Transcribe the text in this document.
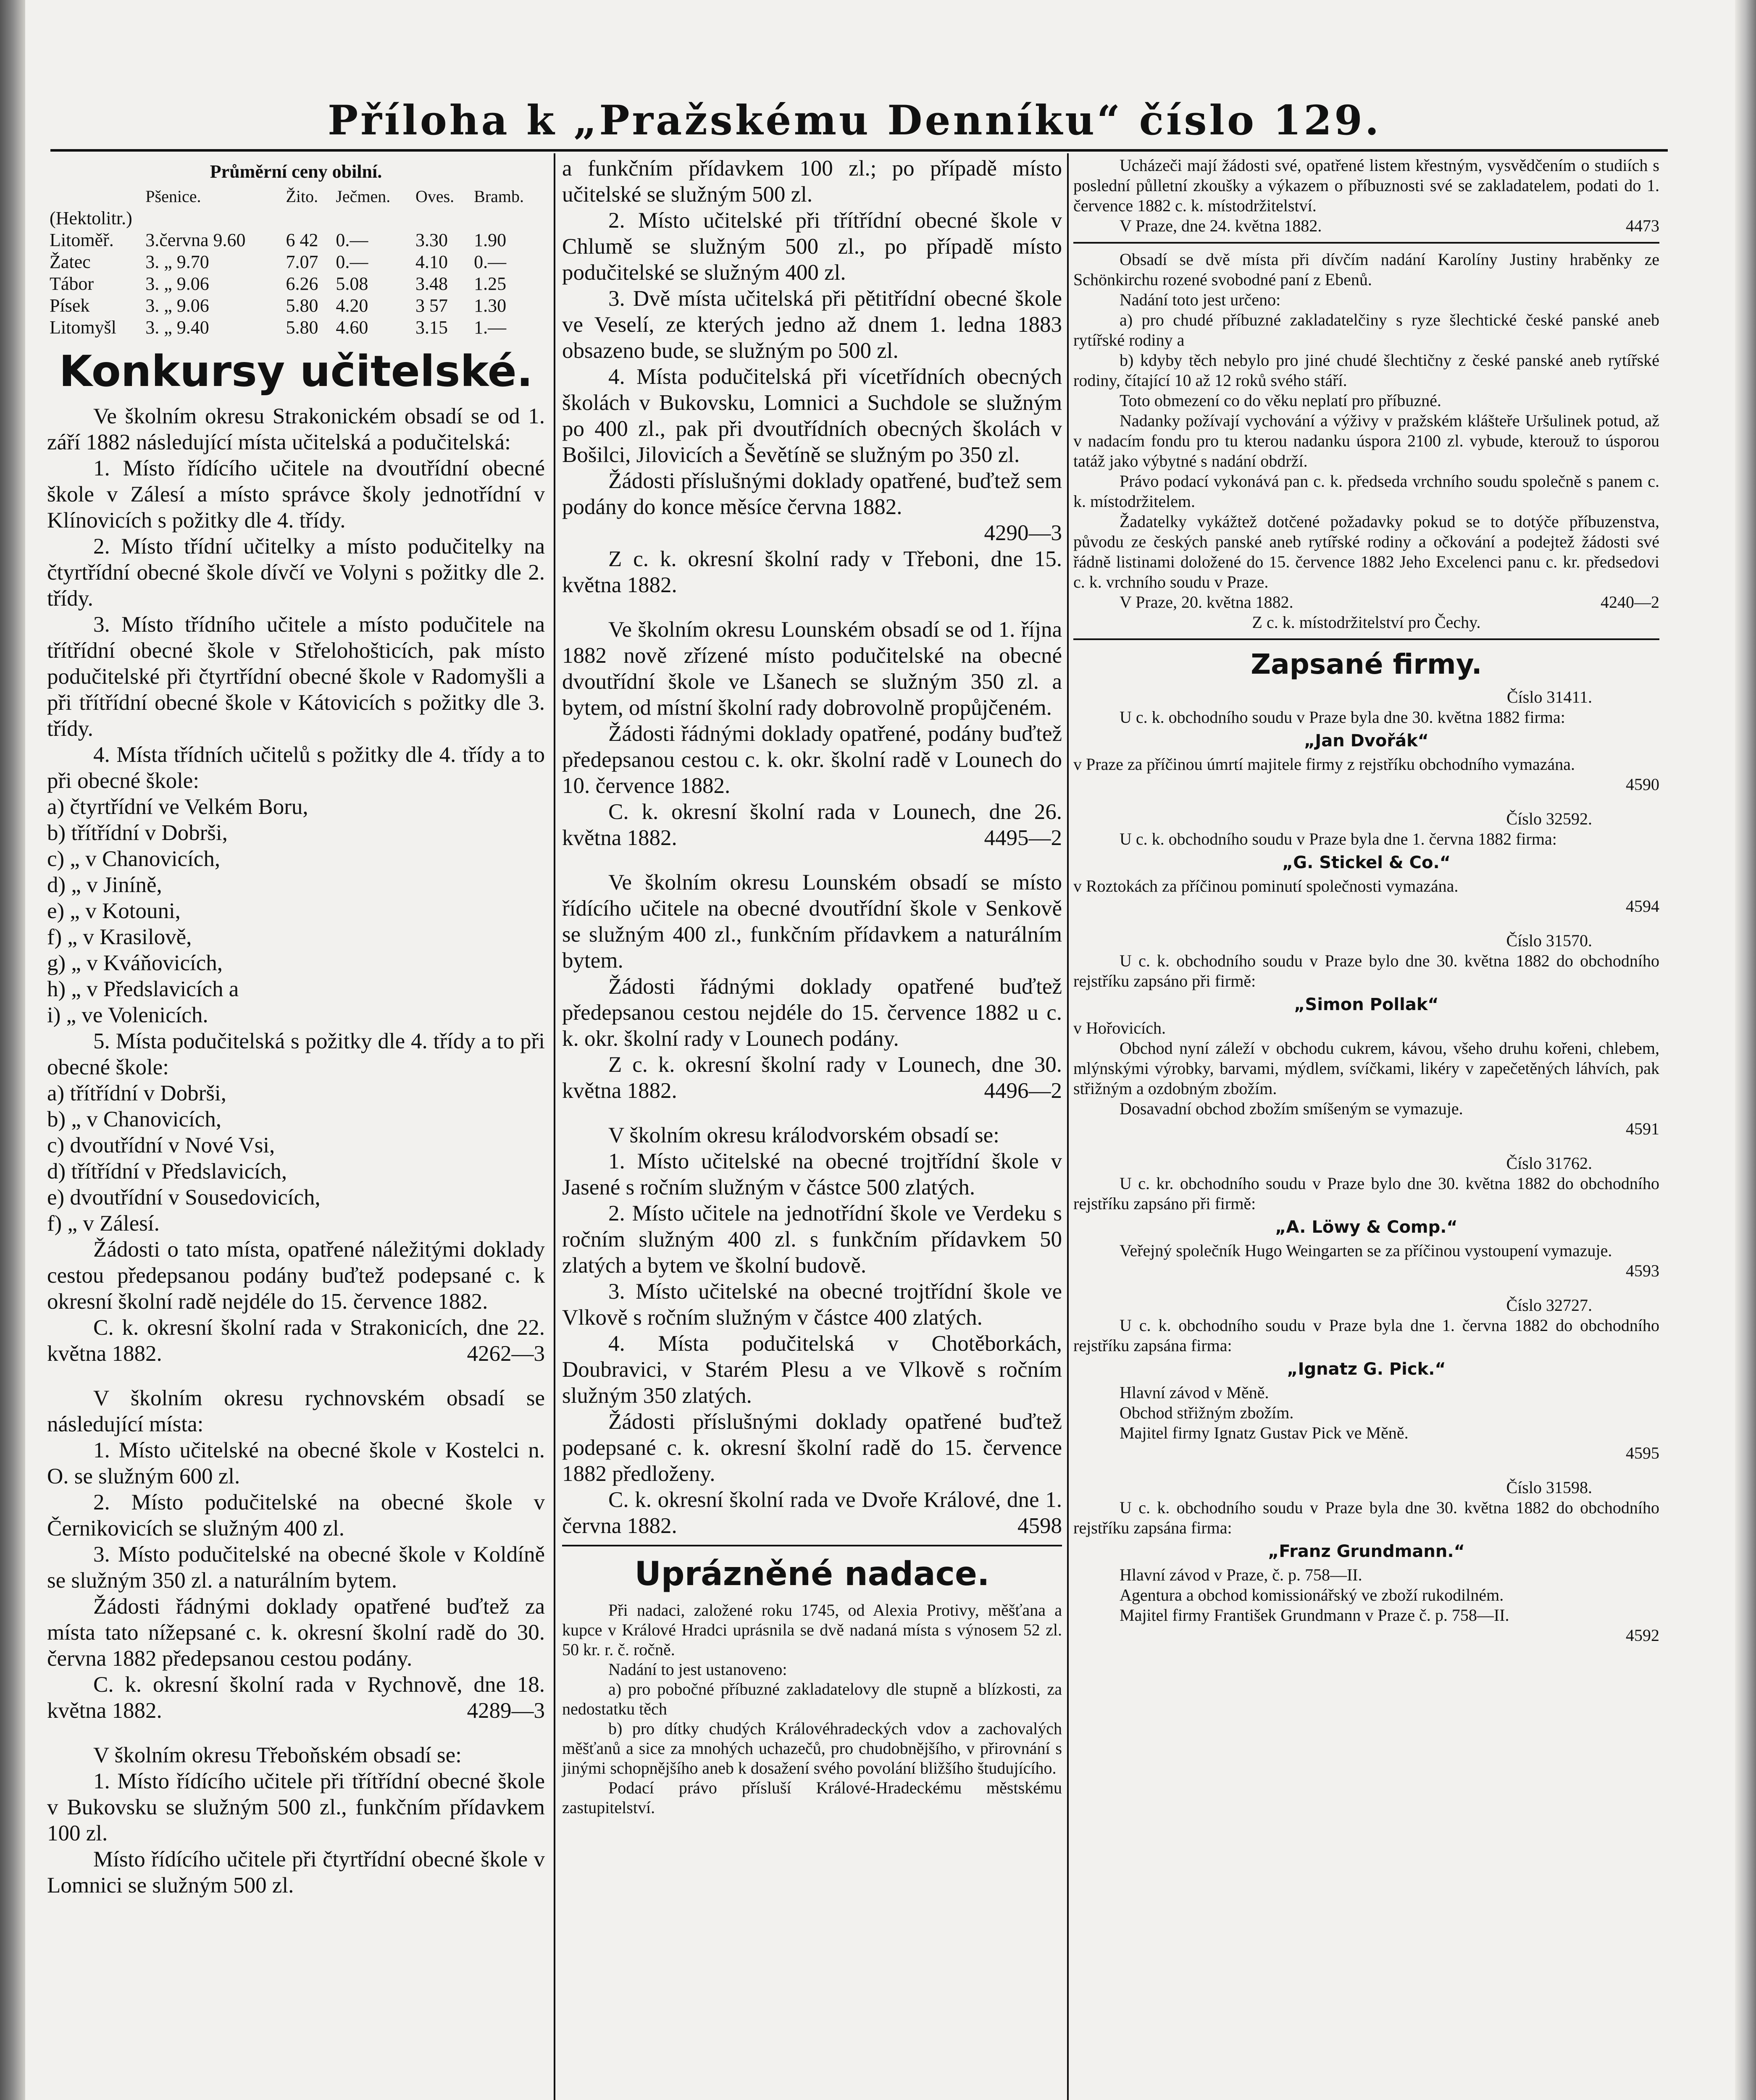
Příloha k „Pražskému Denníku“ číslo 129.
Průměrní ceny obilní.
	Pšenice.	Žito.	Ječmen.	Oves.	Bramb.
(Hektolitr.)					
Litoměř.	3.června 9.60	6 42	0.—	3.30	1.90
Žatec	3. „ 9.70	7.07	0.—	4.10	0.—
Tábor	3. „ 9.06	6.26	5.08	3.48	1.25
Písek	3. „ 9.06	5.80	4.20	3 57	1.30
Litomyšl	3. „ 9.40	5.80	4.60	3.15	1.—
Konkursy učitelské.

Ve školním okresu Strakonickém obsadí se od 1. září 1882 následující místa učitelská a podučitelská:

1. Místo řídícího učitele na dvoutřídní obecné škole v Zálesí a místo správce školy jednotřídní v Klínovicích s požitky dle 4. třídy.

2. Místo třídní učitelky a místo podučitelky na čtyrtřídní obecné škole dívčí ve Volyni s požitky dle 2. třídy.

3. Místo třídního učitele a místo podučitele na třítřídní obecné škole v Střelohošticích, pak místo podučitelské při čtyrtřídní obecné škole v Radomyšli a při třítřídní obecné škole v Kátovicích s požitky dle 3. třídy.

4. Místa třídních učitelů s požitky dle 4. třídy a to při obecné škole:

a) čtyrtřídní ve Velkém Boru,

b) třítřídní v Dobrši,

c) „ v Chanovicích,

d) „ v Jiníně,

e) „ v Kotouni,

f) „ v Krasilově,

g) „ v Kváňovicích,

h) „ v Předslavicích a

i) „ ve Volenicích.

5. Místa podučitelská s požitky dle 4. třídy a to při obecné škole:

a) třítřídní v Dobrši,

b) „ v Chanovicích,

c) dvoutřídní v Nové Vsi,

d) třítřídní v Předslavicích,

e) dvoutřídní v Sousedovicích,

f) „ v Zálesí.

Žádosti o tato místa, opatřené náležitými doklady cestou předepsanou podány buďtež podepsané c. k okresní školní radě nejdéle do 15. července 1882.

C. k. okresní školní rada v Strakonicích, dne 22. května 1882.	4262—3

V školním okresu rychnovském obsadí se následující místa:

1. Místo učitelské na obecné škole v Kostelci n. O. se služným 600 zl.

2. Místo podučitelské na obecné škole v Černikovicích se služným 400 zl.

3. Místo podučitelské na obecné škole v Koldíně se služným 350 zl. a naturálním bytem.

Žádosti řádnými doklady opatřené buďtež za místa tato nížepsané c. k. okresní školní radě do 30. června 1882 předepsanou cestou podány.

C. k. okresní školní rada v Rychnově, dne 18. května 1882.	4289—3

V školním okresu Třeboňském obsadí se:

1. Místo řídícího učitele při třítřídní obecné škole v Bukovsku se služným 500 zl., funkčním přídavkem 100 zl.

Místo řídícího učitele při čtyrtřídní obecné škole v Lomnici se služným 500 zl.

a funkčním přídavkem 100 zl.; po případě místo učitelské se služným 500 zl.

2. Místo učitelské při třítřídní obecné škole v Chlumě se služným 500 zl., po případě místo podučitelské se služným 400 zl.

3. Dvě místa učitelská při pětitřídní obecné škole ve Veselí, ze kterých jedno až dnem 1. ledna 1883 obsazeno bude, se služným po 500 zl.

4. Místa podučitelská při vícetřídních obecných školách v Bukovsku, Lomnici a Suchdole se služným po 400 zl., pak při dvoutřídních obecných školách v Bošilci, Jilovicích a Ševětíně se služným po 350 zl.

Žádosti příslušnými doklady opatřené, buďtež sem podány do konce měsíce června 1882.

4290—3

Z c. k. okresní školní rady v Třeboni, dne 15. května 1882.

Ve školním okresu Lounském obsadí se od 1. října 1882 nově zřízené místo podučitelské na obecné dvoutřídní škole ve Lšanech se služným 350 zl. a bytem, od místní školní rady dobrovolně propůjčeném.

Žádosti řádnými doklady opatřené, podány buďtež předepsanou cestou c. k. okr. školní radě v Lounech do 10. července 1882.

C. k. okresní školní rada v Lounech, dne 26. května 1882.	4495—2

Ve školním okresu Lounském obsadí se místo řídícího učitele na obecné dvoutřídní škole v Senkově se služným 400 zl., funkčním přídavkem a naturálním bytem.

Žádosti řádnými doklady opatřené buďtež předepsanou cestou nejdéle do 15. července 1882 u c. k. okr. školní rady v Lounech podány.

Z c. k. okresní školní rady v Lounech, dne 30. května 1882.	4496—2

V školním okresu králodvorském obsadí se:

1. Místo učitelské na obecné trojtřídní škole v Jasené s ročním služným v částce 500 zlatých.

2. Místo učitele na jednotřídní škole ve Verdeku s ročním služným 400 zl. s funkčním přídavkem 50 zlatých a bytem ve školní budově.

3. Místo učitelské na obecné trojtřídní škole ve Vlkově s ročním služným v částce 400 zlatých.

4. Místa podučitelská v Chotěborkách, Doubravici, v Starém Plesu a ve Vlkově s ročním služným 350 zlatých.

Žádosti příslušnými doklady opatřené buďtež podepsané c. k. okresní školní radě do 15. července 1882 předloženy.

C. k. okresní školní rada ve Dvoře Králové, dne 1. června 1882.	4598

Uprázněné nadace.

Při nadaci, založené roku 1745, od Alexia Protivy, měšťana a kupce v Králové Hradci uprásnila se dvě nadaná místa s výnosem 52 zl. 50 kr. r. č. ročně.

Nadání to jest ustanoveno:

a) pro pobočné příbuzné zakladatelovy dle stupně a blízkosti, za nedostatku těch

b) pro dítky chudých Královéhradeckých vdov a zachovalých měšťanů a sice za mnohých uchazečů, pro chudobnějšího, v přirovnání s jinými schopnějšího aneb k dosažení svého povolání bližšího študujícího.

Podací právo přísluší Králové-Hradeckému městskému zastupitelství.

Ucházeči mají žádosti své, opatřené listem křestným, vysvědčením o studiích s poslední půlletní zkoušky a výkazem o příbuznosti své se zakladatelem, podati do 1. července 1882 c. k. místodržitelství.

V Praze, dne 24. května 1882.	4473

Obsadí se dvě místa při dívčím nadání Karolíny Justiny hraběnky ze Schönkirchu rozené svobodné paní z Ebenů.

Nadání toto jest určeno:

a) pro chudé příbuzné zakladatelčiny s ryze šlechtické české panské aneb rytířské rodiny a

b) kdyby těch nebylo pro jiné chudé šlechtičny z české panské aneb rytířské rodiny, čítající 10 až 12 roků svého stáří.

Toto obmezení co do věku neplatí pro příbuzné.

Nadanky požívají vychování a výživy v pražském klášteře Uršulinek potud, až v nadacím fondu pro tu kterou nadanku úspora 2100 zl. vybude, kterouž to úsporou tatáž jako výbytné s nadání obdrží.

Právo podací vykonává pan c. k. předseda vrchního soudu společně s panem c. k. místodržitelem.

Žadatelky vykážtež dotčené požadavky pokud se to dotýče příbuzenstva, původu ze českých panské aneb rytířské rodiny a očkování a podejtež žádosti své řádně listinami doložené do 15. července 1882 Jeho Excelenci panu c. kr. předsedovi c. k. vrchního soudu v Praze.

V Praze, 20. května 1882.	4240—2

Z c. k. místodržitelství pro Čechy.

Zapsané firmy.

Číslo 31411.

U c. k. obchodního soudu v Praze byla dne 30. května 1882 firma:

„Jan Dvořák“

v Praze za příčinou úmrtí majitele firmy z rejstříku obchodního vymazána.

4590

Číslo 32592.

U c. k. obchodního soudu v Praze byla dne 1. června 1882 firma:

„G. Stickel & Co.“

v Roztokách za příčinou pominutí společnosti vymazána.

4594

Číslo 31570.

U c. k. obchodního soudu v Praze bylo dne 30. května 1882 do obchodního rejstříku zapsáno při firmě:

„Simon Pollak“

v Hořovicích.

Obchod nyní záleží v obchodu cukrem, kávou, všeho druhu kořeni, chlebem, mlýnskými výrobky, barvami, mýdlem, svíčkami, likéry v zapečetěných láhvích, pak střižným a ozdobným zbožím.

Dosavadní obchod zbožím smíšeným se vymazuje.

4591

Číslo 31762.

U c. kr. obchodního soudu v Praze bylo dne 30. května 1882 do obchodního rejstříku zapsáno při firmě:

„A. Löwy & Comp.“

Veřejný společník Hugo Weingarten se za příčinou vystoupení vymazuje.

4593

Číslo 32727.

U c. k. obchodního soudu v Praze byla dne 1. června 1882 do obchodního rejstříku zapsána firma:

„Ignatz G. Pick.“

Hlavní závod v Měně.

Obchod střižným zbožím.

Majitel firmy Ignatz Gustav Pick ve Měně.

4595

Číslo 31598.

U c. k. obchodního soudu v Praze byla dne 30. května 1882 do obchodního rejstříku zapsána firma:

„Franz Grundmann.“

Hlavní závod v Praze, č. p. 758—II.

Agentura a obchod komissionářský ve zboží rukodilném.

Majitel firmy František Grundmann v Praze č. p. 758—II.

4592
